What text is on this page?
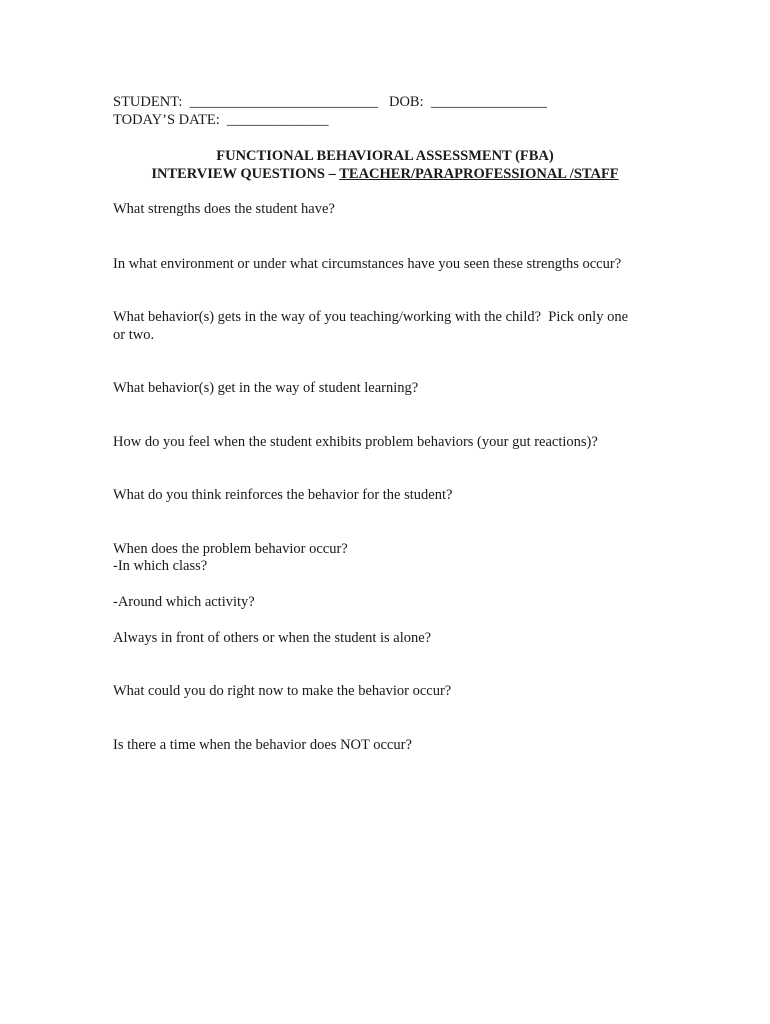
STUDENT:  __________________________   DOB:  ________________
TODAY’S DATE:  ______________
FUNCTIONAL BEHAVIORAL ASSESSMENT (FBA)
INTERVIEW QUESTIONS – TEACHER/PARAPROFESSIONAL /STAFF
What strengths does the student have?
In what environment or under what circumstances have you seen these strengths occur?
What behavior(s) gets in the way of you teaching/working with the child?  Pick only one
or two.
What behavior(s) get in the way of student learning?
How do you feel when the student exhibits problem behaviors (your gut reactions)?
What do you think reinforces the behavior for the student?
When does the problem behavior occur?
-In which class?
-Around which activity?
Always in front of others or when the student is alone?
What could you do right now to make the behavior occur?
Is there a time when the behavior does NOT occur?
